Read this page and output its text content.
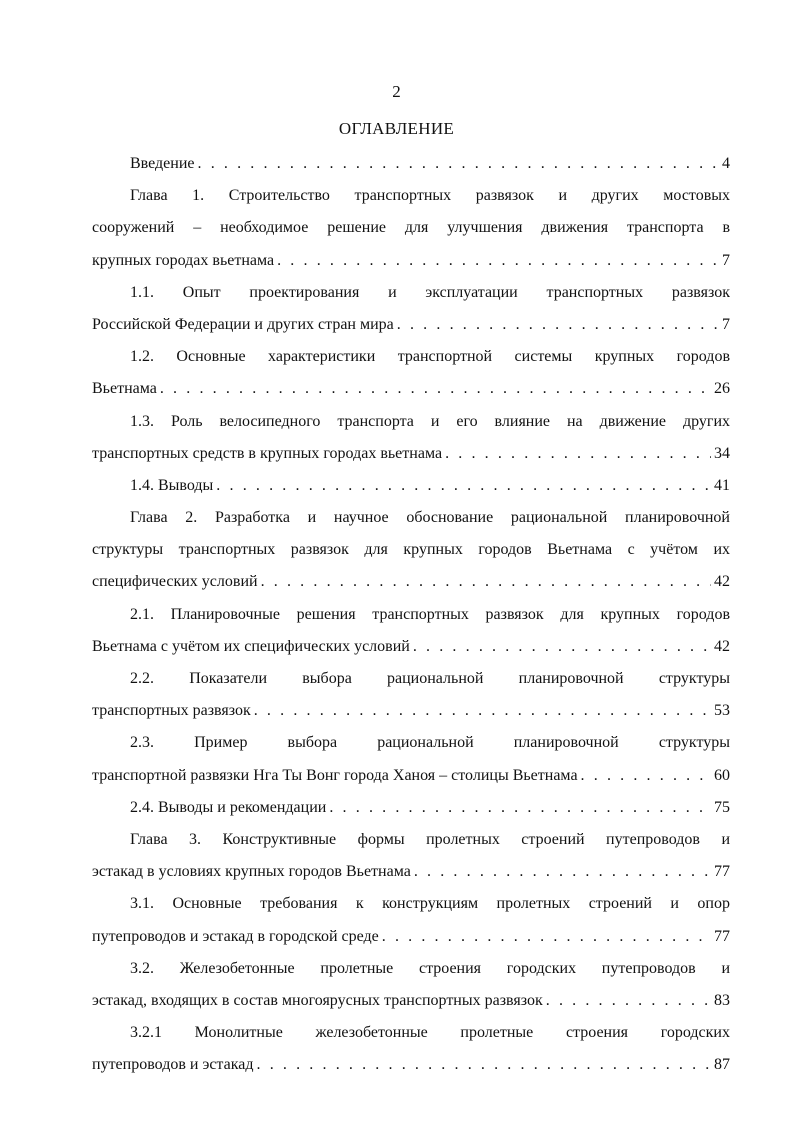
2
ОГЛАВЛЕНИЕ
Введение . . .	4
Глава 1. Строительство транспортных развязок и других мостовых
сооружений – необходимое решение для улучшения движения транспорта в
крупных городах вьетнама . . .	7
1.1. Опыт проектирования и эксплуатации транспортных развязок
Российской Федерации и других стран мира . . .	7
1.2. Основные характеристики транспортной системы крупных городов
Вьетнама . . .	26
1.3. Роль велосипедного транспорта и его влияние на движение других
транспортных средств в крупных городах вьетнама . . .	34
1.4. Выводы . . .	41
Глава 2. Разработка и научное обоснование рациональной планировочной
структуры транспортных развязок для крупных городов Вьетнама с учётом их
специфических условий . . .	42
2.1. Планировочные решения транспортных развязок для крупных городов
Вьетнама с учётом их специфических условий . . .	42
2.2. Показатели выбора рациональной планировочной структуры
транспортных развязок . . .	53
2.3. Пример выбора рациональной планировочной структуры
транспортной развязки Нга Ты Вонг города Ханоя – столицы Вьетнама . . .	60
2.4. Выводы и рекомендации . . .	75
Глава 3. Конструктивные формы пролетных строений путепроводов и
эстакад в условиях крупных городов Вьетнама . . .	77
3.1. Основные требования к конструкциям пролетных строений и опор
путепроводов и эстакад в городской среде . . .	77
3.2. Железобетонные пролетные строения городских путепроводов и
эстакад, входящих в состав многоярусных транспортных развязок . . .	83
3.2.1 Монолитные железобетонные пролетные строения городских
путепроводов и эстакад . . .	87
